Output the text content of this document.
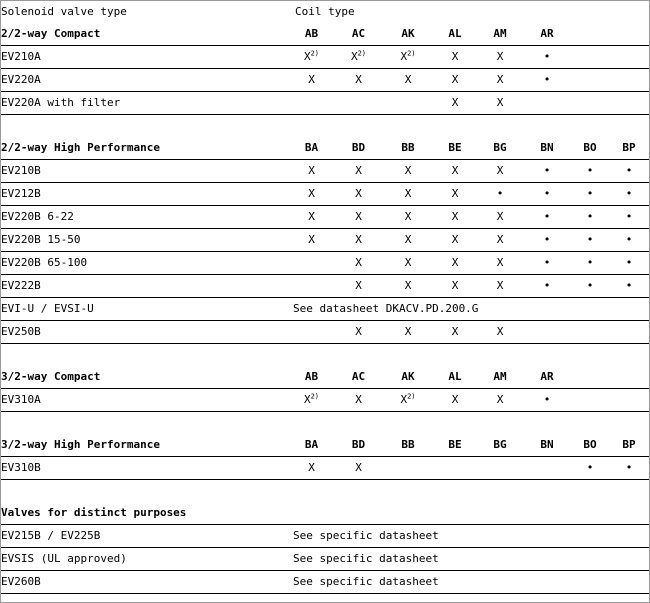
Solenoid valve type	Coil type							
2/2-way Compact	AB	AC	AK	AL	AM	AR		
EV210A	$X^{2)}$	$X^{2)}$	$X^{2)}$	X	X	•		
EV220A	X	X	X	X	X	•		
EV220A with filter				X	X			

2/2-way High Performance	BA	BD	BB	BE	BG	BN	BO	BP
EV210B	X	X	X	X	X	•	•	•
EV212B	X	X	X	X	•	•	•	•
EV220B 6-22	X	X	X	X	X	•	•	•
EV220B 15-50	X	X	X	X	X	•	•	•
EV220B 65-100		X	X	X	X	•	•	•
EV222B		X	X	X	X	•	•	•
EVI-U / EVSI-U	See datasheet DKACV.PD.200.G							
EV250B		X	X	X	X			

3/2-way Compact	AB	AC	AK	AL	AM	AR		
EV310A	$X^{2)}$	X	$X^{2)}$	X	X	•		

3/2-way High Performance	BA	BD	BB	BE	BG	BN	BO	BP
EV310B	X	X					•	•

Valves for distinct purposes								
EV215B / EV225B	See specific datasheet							
EVSIS (UL approved)	See specific datasheet							
EV260B	See specific datasheet							
